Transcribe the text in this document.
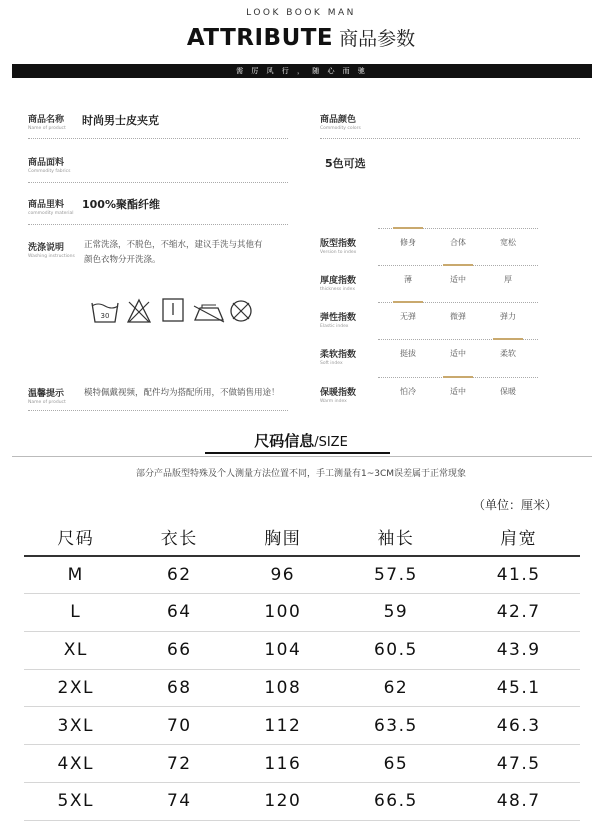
LOOK BOOK MAN
ATTRIBUTE 商品参数
需 厉 风 行 ， 随 心 而 驰
商品名称
Name of product
时尚男士皮夹克
商品面料
Commodity fabrics
商品里料
commodity material
100%聚酯纤维
洗涤说明
Washing instructions
正常洗涤，不脱色，不缩水，建议手洗与其他有
颜色衣物分开洗涤。
30
温馨提示
Name of product
模特佩戴视频，配件均为搭配所用，不做销售用途！
商品颜色
Commodity colors
5色可选
版型指数
Version to index
修身	合体	宽松
厚度指数
thickness index
薄	适中	厚
弹性指数
Elastic index
无弹	微弹	弹力
柔软指数
Soft index
挺拔	适中	柔软
保暖指数
Warm index
怕冷	适中	保暖
尺码信息/SIZE
部分产品版型特殊及个人测量方法位置不同，手工测量有1~3CM误差属于正常现象
（单位：厘米）
尺码	衣长	胸围	袖长	肩宽
M	62	96	57.5	41.5
L	64	100	59	42.7
XL	66	104	60.5	43.9
2XL	68	108	62	45.1
3XL	70	112	63.5	46.3
4XL	72	116	65	47.5
5XL	74	120	66.5	48.7
